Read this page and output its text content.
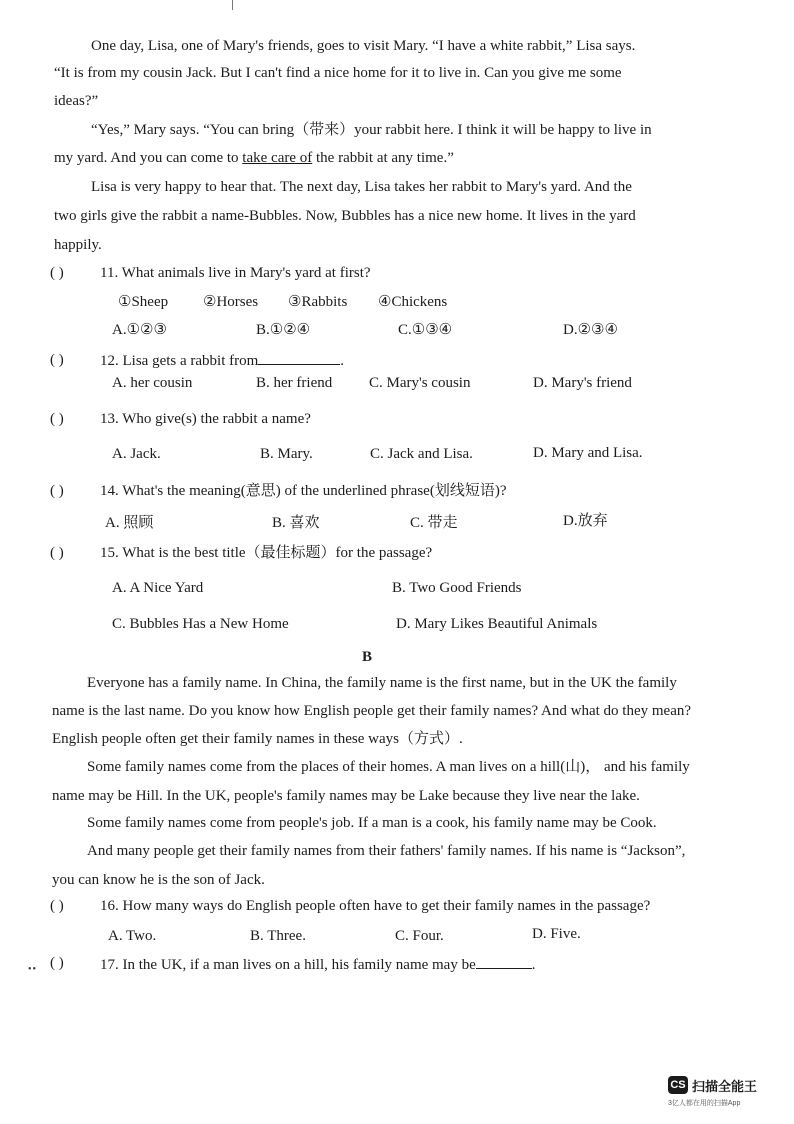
One day, Lisa, one of Mary's friends, goes to visit Mary. “I have a white rabbit,” Lisa says.
“It is from my cousin Jack. But I can't find a nice home for it to live in. Can you give me some
ideas?”
“Yes,” Mary says. “You can bring（带来）your rabbit here. I think it will be happy to live in
my yard. And you can come to take care of the rabbit at any time.”
Lisa is very happy to hear that. The next day, Lisa takes her rabbit to Mary's yard. And the
two girls give the rabbit a name-Bubbles. Now, Bubbles has a nice new home. It lives in the yard
happily.
( ) 11. What animals live in Mary's yard at first?
①Sheep ②Horses ③Rabbits ④Chickens
A.①②③	B.①②④	C.①③④	D.②③④
( ) 12. Lisa gets a rabbit from	.
A. her cousin	B. her friend C. Mary's cousin	D. Mary's friend
( ) 13. Who give(s) the rabbit a name?
A. Jack.	B. Mary.	C. Jack and Lisa.	D. Mary and Lisa.
( ) 14. What's the meaning(意思) of the underlined phrase(划线短语)?
A. 照顾	B. 喜欢	C. 带走	D.放弃
( ) 15. What is the best title（最佳标题）for the passage?
A. A Nice Yard	B. Two Good Friends
C. Bubbles Has a New Home	D. Mary Likes Beautiful Animals
B
Everyone has a family name. In China, the family name is the first name, but in the UK the family
name is the last name. Do you know how English people get their family names? And what do they mean?
English people often get their family names in these ways（方式）.
Some family names come from the places of their homes. A man lives on a hill(山)， and his family
name may be Hill. In the UK, people's family names may be Lake because they live near the lake.
Some family names come from people's job. If a man is a cook, his family name may be Cook.
And many people get their family names from their fathers' family names. If his name is “Jackson”,
you can know he is the son of Jack.
( ) 16. How many ways do English people often have to get their family names in the passage?
A. Two.	B. Three.	C. Four.	D. Five.
( ) 17. In the UK, if a man lives on a hill, his family name may be	.
••
CS 扫描全能王
3亿人都在用的扫描App
